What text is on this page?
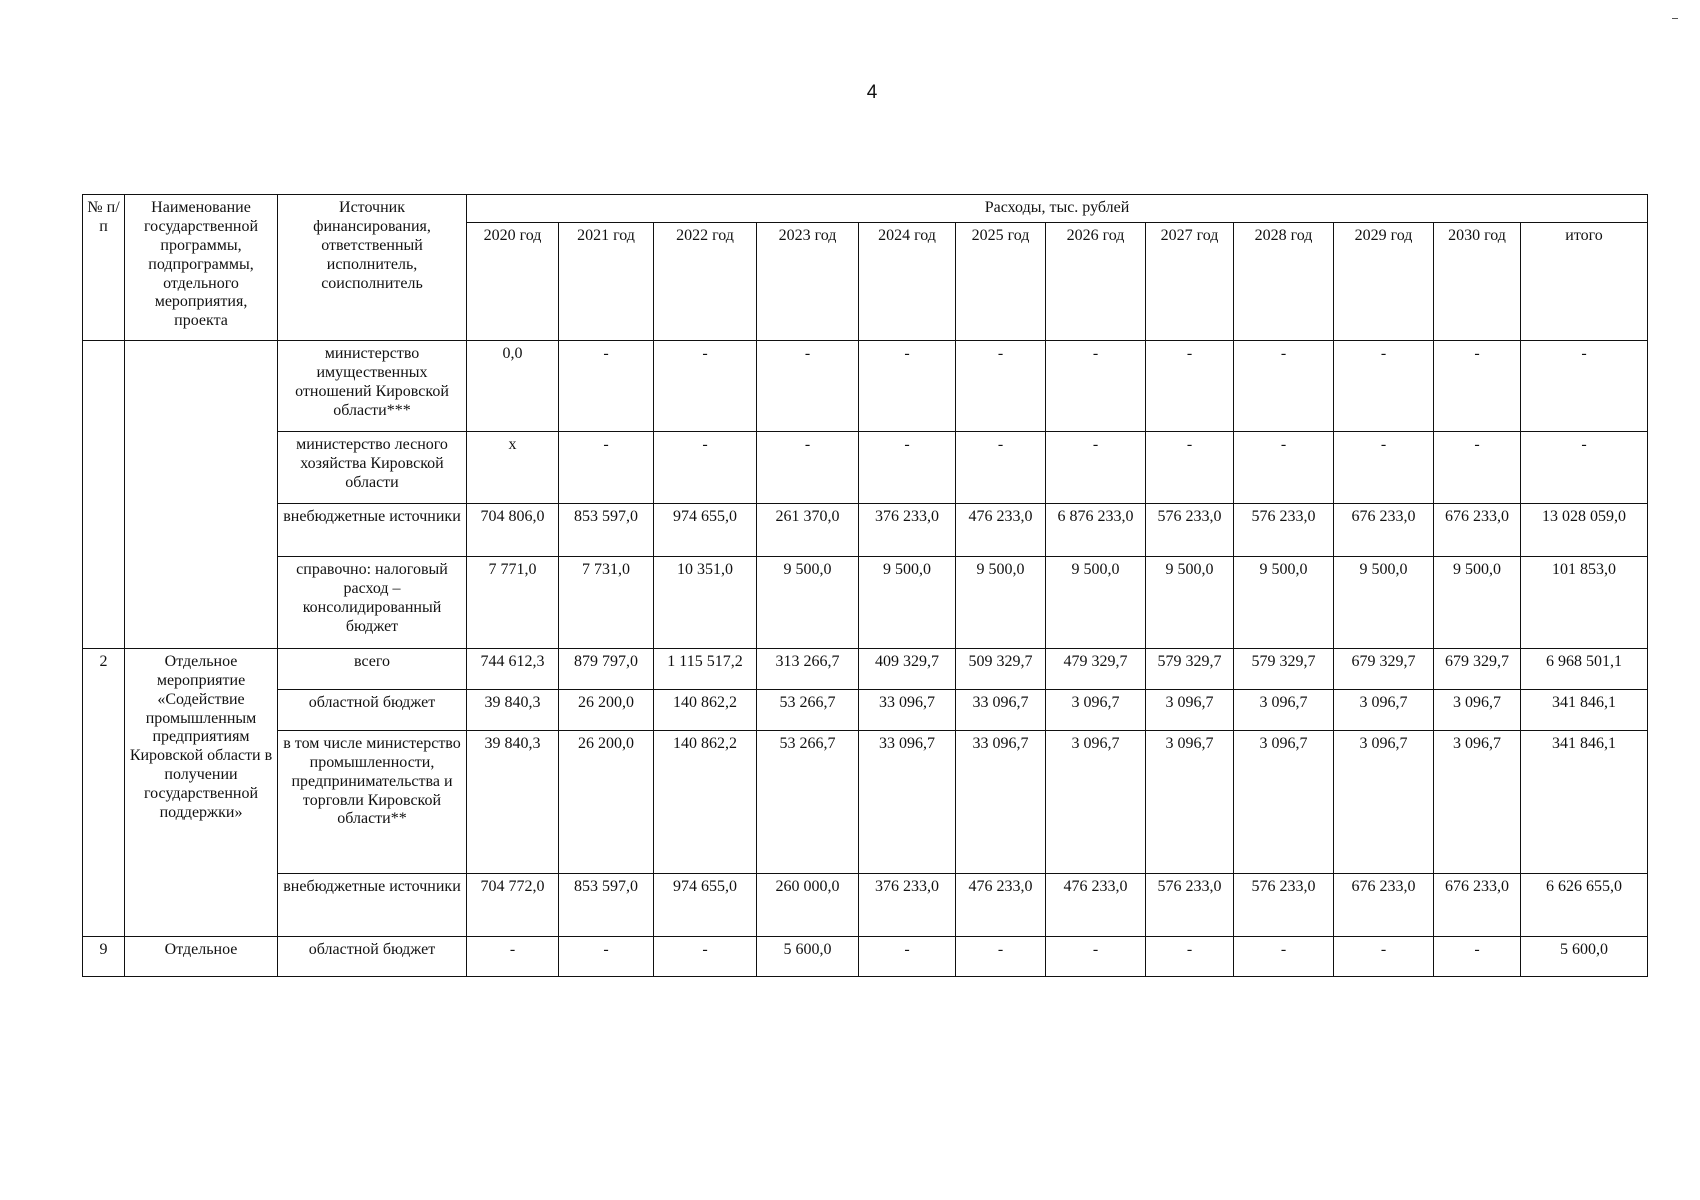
4
№ п/п	Наименование государственной программы, подпрограммы, отдельного мероприятия, проекта	Источник финансирования, ответственный исполнитель, соисполнитель	Расходы, тыс. рублей											
			2020 год	2021 год	2022 год	2023 год	2024 год	2025 год	2026 год	2027 год	2028 год	2029 год	2030 год	итого
		министерство имущественных отношений Кировской области***	0,0	-	-	-	-	-	-	-	-	-	-	-
		министерство лесного хозяйства Кировской области	x	-	-	-	-	-	-	-	-	-	-	-
		внебюджетные источники	704 806,0	853 597,0	974 655,0	261 370,0	376 233,0	476 233,0	6 876 233,0	576 233,0	576 233,0	676 233,0	676 233,0	13 028 059,0
		справочно: налоговый расход – консолидированный бюджет	7 771,0	7 731,0	10 351,0	9 500,0	9 500,0	9 500,0	9 500,0	9 500,0	9 500,0	9 500,0	9 500,0	101 853,0
2	Отдельное мероприятие «Содействие промышленным предприятиям Кировской области в получении государственной поддержки»	всего	744 612,3	879 797,0	1 115 517,2	313 266,7	409 329,7	509 329,7	479 329,7	579 329,7	579 329,7	679 329,7	679 329,7	6 968 501,1
		областной бюджет	39 840,3	26 200,0	140 862,2	53 266,7	33 096,7	33 096,7	3 096,7	3 096,7	3 096,7	3 096,7	3 096,7	341 846,1
		в том числе министерство промышленности, предпринимательства и торговли Кировской области**	39 840,3	26 200,0	140 862,2	53 266,7	33 096,7	33 096,7	3 096,7	3 096,7	3 096,7	3 096,7	3 096,7	341 846,1
		внебюджетные источники	704 772,0	853 597,0	974 655,0	260 000,0	376 233,0	476 233,0	476 233,0	576 233,0	576 233,0	676 233,0	676 233,0	6 626 655,0
9	Отдельное	областной бюджет	-	-	-	5 600,0	-	-	-	-	-	-	-	5 600,0
